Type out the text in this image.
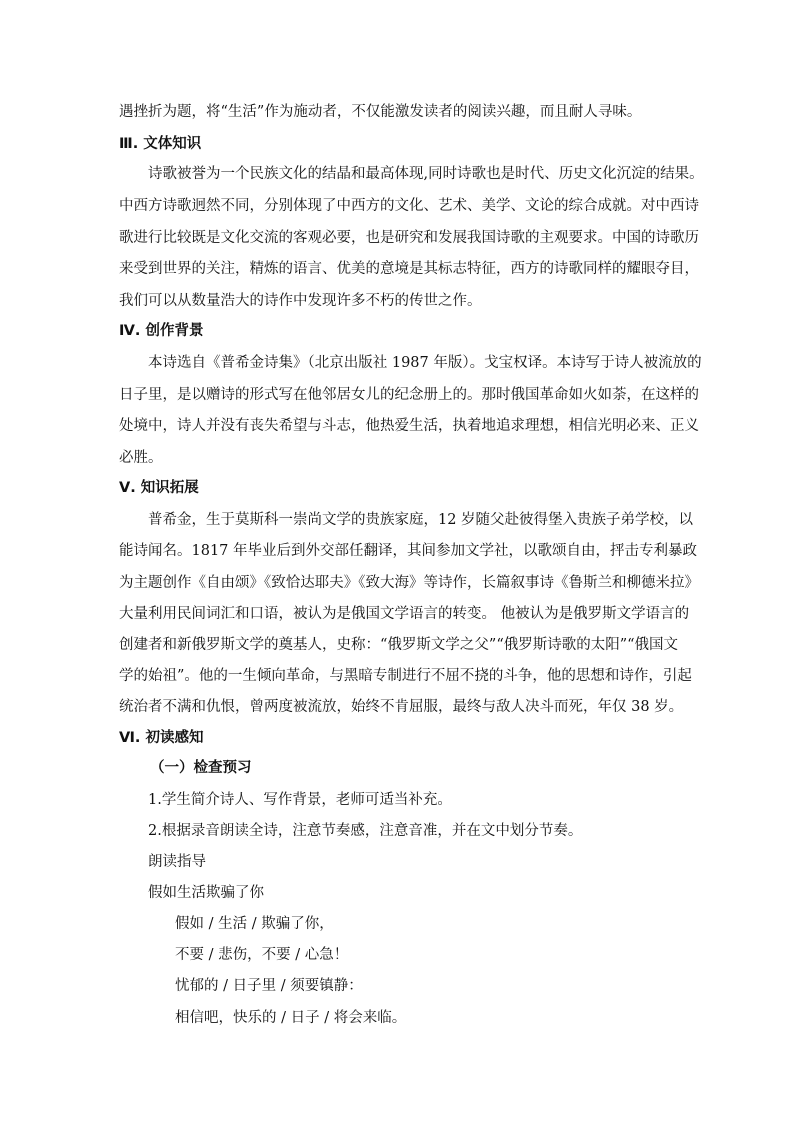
遇挫折为题，将“生活”作为施动者，不仅能激发读者的阅读兴趣，而且耐人寻味。
Ⅲ. 文体知识
诗歌被誉为一个民族文化的结晶和最高体现,同时诗歌也是时代、历史文化沉淀的结果。
中西方诗歌迥然不同，分别体现了中西方的文化、艺术、美学、文论的综合成就。对中西诗
歌进行比较既是文化交流的客观必要，也是研究和发展我国诗歌的主观要求。中国的诗歌历
来受到世界的关注，精炼的语言、优美的意境是其标志特征，西方的诗歌同样的耀眼夺目，
我们可以从数量浩大的诗作中发现许多不朽的传世之作。
Ⅳ. 创作背景
本诗选自《普希金诗集》（北京出版社 1987 年版）。戈宝权译。本诗写于诗人被流放的
日子里，是以赠诗的形式写在他邻居女儿的纪念册上的。那时俄国革命如火如荼，在这样的
处境中，诗人并没有丧失希望与斗志，他热爱生活，执着地追求理想，相信光明必来、正义
必胜。
Ⅴ. 知识拓展
普希金，生于莫斯科一崇尚文学的贵族家庭，12 岁随父赴彼得堡入贵族子弟学校，以
能诗闻名。1817 年毕业后到外交部任翻译，其间参加文学社，以歌颂自由，抨击专利暴政
为主题创作《自由颂》《致恰达耶夫》《致大海》等诗作，长篇叙事诗《鲁斯兰和柳德米拉》
大量利用民间词汇和口语，被认为是俄国文学语言的转变。 他被认为是俄罗斯文学语言的
创建者和新俄罗斯文学的奠基人，史称：“俄罗斯文学之父”“俄罗斯诗歌的太阳”“俄国文
学的始祖”。他的一生倾向革命，与黑暗专制进行不屈不挠的斗争，他的思想和诗作，引起
统治者不满和仇恨，曾两度被流放，始终不肯屈服，最终与敌人决斗而死，年仅 38 岁。
Ⅵ. 初读感知
（一）检查预习
1.学生简介诗人、写作背景，老师可适当补充。
2.根据录音朗读全诗，注意节奏感，注意音准，并在文中划分节奏。
朗读指导
假如生活欺骗了你
假如 / 生活 / 欺骗了你，
不要 / 悲伤，不要 / 心急！
忧郁的 / 日子里 / 须要镇静：
相信吧，快乐的 / 日子 / 将会来临。
